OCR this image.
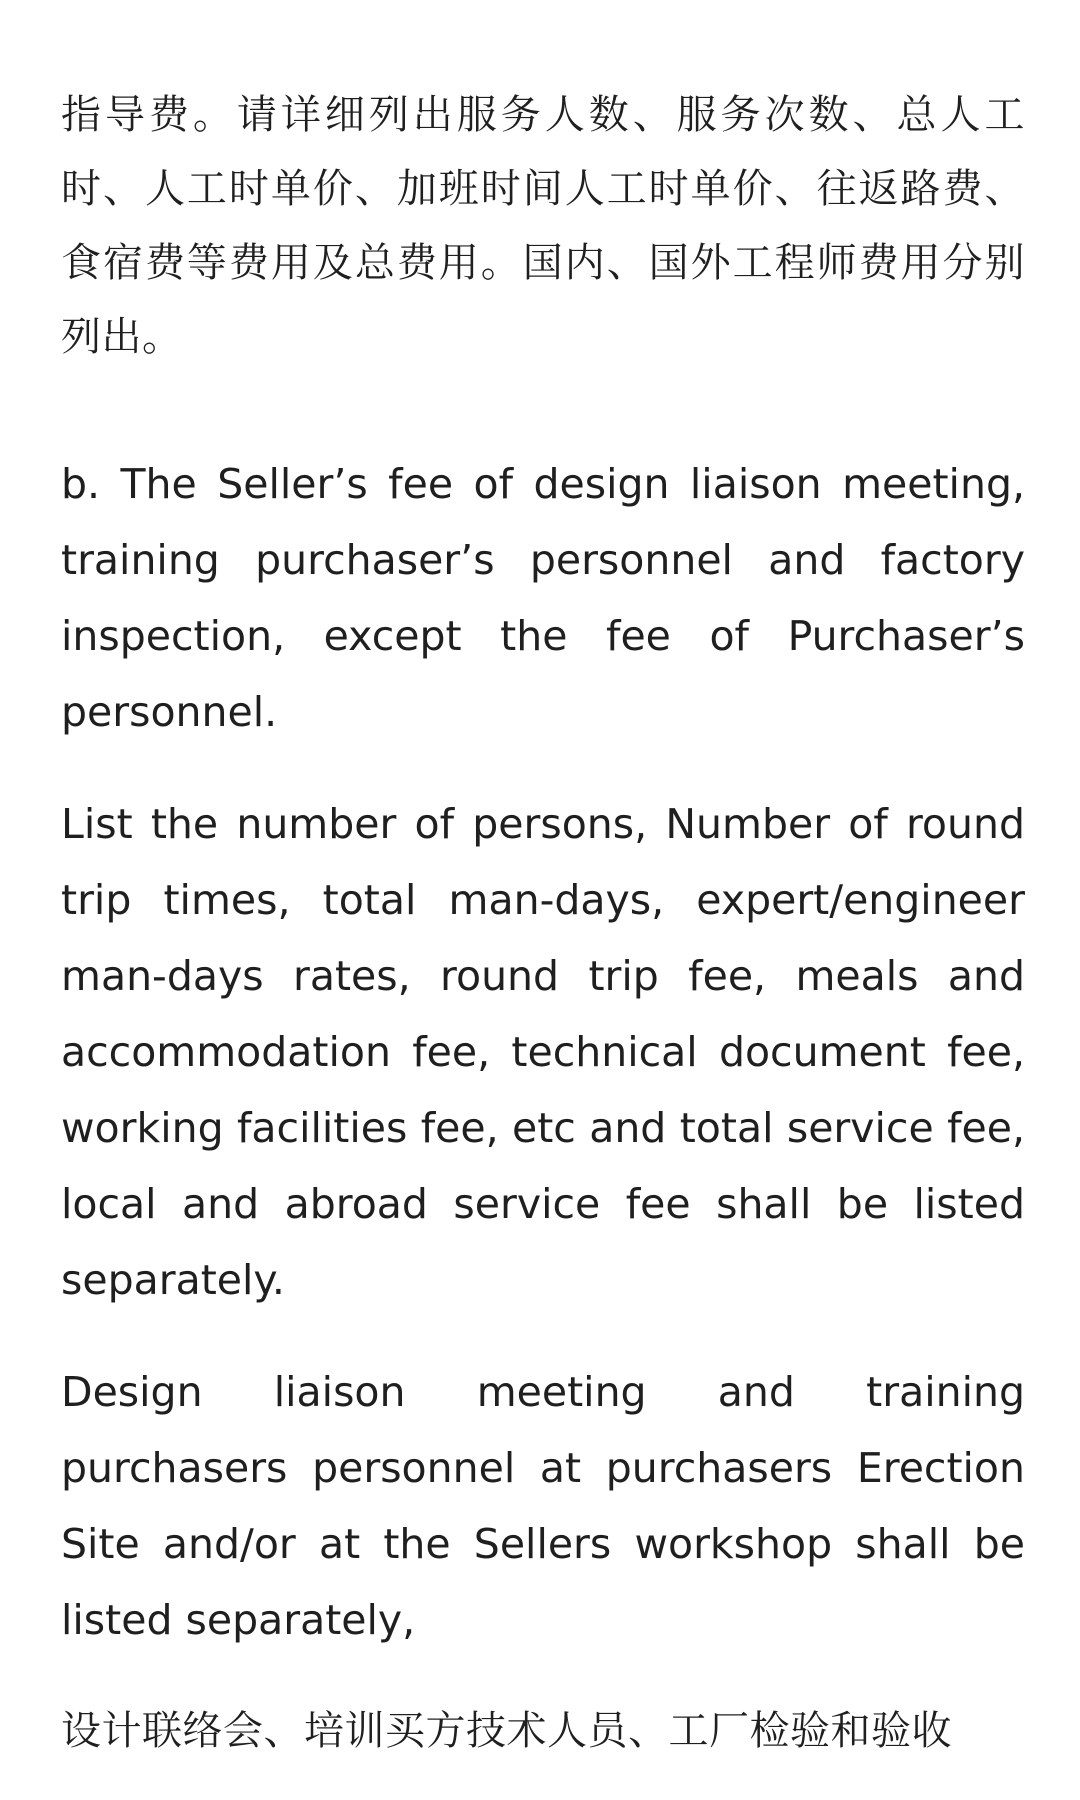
指导费。请详细列出服务人数、服务次数、总人工时、人工时单价、加班时间人工时单价、往返路费、食宿费等费用及总费用。国内、国外工程师费用分别列出。

b. The Seller’s fee of design liaison meeting, training purchaser’s personnel and factory inspection, except the fee of Purchaser’s personnel.

List the number of persons, Number of round trip times, total man-days, expert/engineer man-days rates, round trip fee, meals and accommodation fee, technical document fee, working facilities fee, etc and total service fee, local and abroad service fee shall be listed separately.

Design liaison meeting and training purchasers personnel at purchasers Erection Site and/or at the Sellers workshop shall be listed separately,

设计联络会、培训买方技术人员、工厂检验和验收
